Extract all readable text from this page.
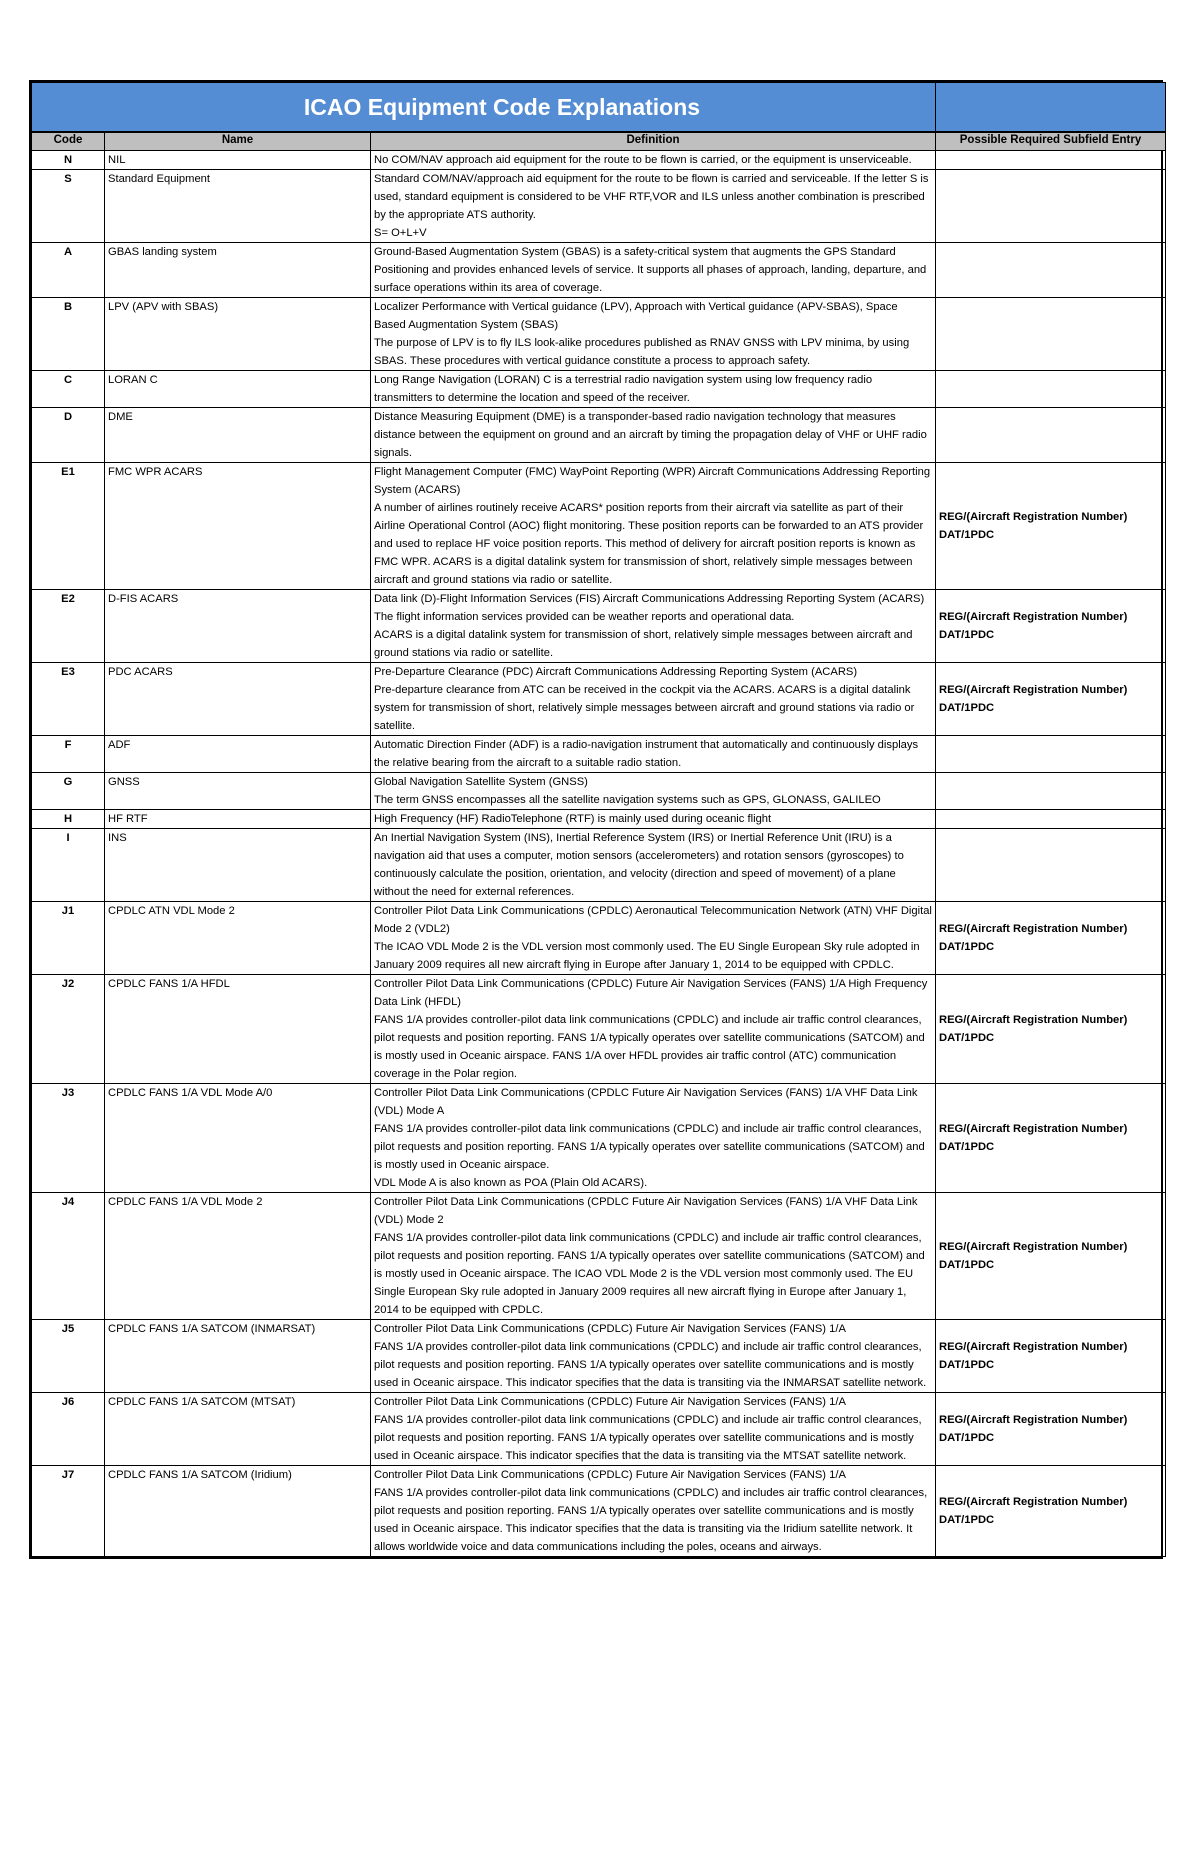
ICAO Equipment Code Explanations			
Code	Name	Definition	Possible Required Subfield Entry
N	NIL	No COM/NAV approach aid equipment for the route to be flown is carried, or the equipment is unserviceable.	

S	Standard Equipment	Standard COM/NAV/approach aid equipment for the route to be flown is carried and serviceable. If the letter S is used, standard equipment is considered to be VHF RTF,VOR and ILS unless another combination is prescribed by the appropriate ATS authority.
S= O+L+V	

A	GBAS landing system	Ground-Based Augmentation System (GBAS) is a safety-critical system that augments the GPS Standard Positioning and provides enhanced levels of service. It supports all phases of approach, landing, departure, and surface operations within its area of coverage.	

B	LPV (APV with SBAS)	Localizer Performance with Vertical guidance (LPV), Approach with Vertical guidance (APV-SBAS), Space Based Augmentation System (SBAS)
The purpose of LPV is to fly ILS look-alike procedures published as RNAV GNSS with LPV minima, by using SBAS. These procedures with vertical guidance constitute a process to approach safety.	

C	LORAN C	Long Range Navigation (LORAN) C is a terrestrial radio navigation system using low frequency radio transmitters to determine the location and speed of the receiver.	

D	DME	Distance Measuring Equipment (DME) is a transponder-based radio navigation technology that measures distance between the equipment on ground and an aircraft by timing the propagation delay of VHF or UHF radio signals.	

E1	FMC WPR ACARS	Flight Management Computer (FMC) WayPoint Reporting (WPR) Aircraft Communications Addressing Reporting System (ACARS)
A number of airlines routinely receive ACARS* position reports from their aircraft via satellite as part of their Airline Operational Control (AOC) flight monitoring. These position reports can be forwarded to an ATS provider and used to replace HF voice position reports. This method of delivery for aircraft position reports is known as FMC WPR. ACARS is a digital datalink system for transmission of short, relatively simple messages between aircraft and ground stations via radio or satellite.	REG/(Aircraft Registration Number)
DAT/1PDC

E2	D-FIS ACARS	Data link (D)-Flight Information Services (FIS) Aircraft Communications Addressing Reporting System (ACARS)
The flight information services provided can be weather reports and operational data.
ACARS is a digital datalink system for transmission of short, relatively simple messages between aircraft and ground stations via radio or satellite.	REG/(Aircraft Registration Number)
DAT/1PDC

E3	PDC ACARS	Pre-Departure Clearance (PDC) Aircraft Communications Addressing Reporting System (ACARS)
Pre-departure clearance from ATC can be received in the cockpit via the ACARS. ACARS is a digital datalink system for transmission of short, relatively simple messages between aircraft and ground stations via radio or satellite.	REG/(Aircraft Registration Number)
DAT/1PDC

F	ADF	Automatic Direction Finder (ADF) is a radio-navigation instrument that automatically and continuously displays the relative bearing from the aircraft to a suitable radio station.	

G	GNSS	Global Navigation Satellite System (GNSS)
The term GNSS encompasses all the satellite navigation systems such as GPS, GLONASS, GALILEO	

H	HF RTF	High Frequency (HF) RadioTelephone (RTF) is mainly used during oceanic flight	

I	INS	An Inertial Navigation System (INS), Inertial Reference System (IRS) or Inertial Reference Unit (IRU) is a navigation aid that uses a computer, motion sensors (accelerometers) and rotation sensors (gyroscopes) to continuously calculate the position, orientation, and velocity (direction and speed of movement) of a plane without the need for external references.	

J1	CPDLC ATN VDL Mode 2	Controller Pilot Data Link Communications (CPDLC) Aeronautical Telecommunication Network (ATN) VHF Digital Mode 2 (VDL2)
The ICAO VDL Mode 2 is the VDL version most commonly used. The EU Single European Sky rule adopted in January 2009 requires all new aircraft flying in Europe after January 1, 2014 to be equipped with CPDLC.	REG/(Aircraft Registration Number)
DAT/1PDC

J2	CPDLC FANS 1/A HFDL	Controller Pilot Data Link Communications (CPDLC) Future Air Navigation Services (FANS) 1/A High Frequency Data Link (HFDL)
FANS 1/A provides controller-pilot data link communications (CPDLC) and include air traffic control clearances, pilot requests and position reporting. FANS 1/A typically operates over satellite communications (SATCOM) and is mostly used in Oceanic airspace. FANS 1/A over HFDL provides air traffic control (ATC) communication coverage in the Polar region.	REG/(Aircraft Registration Number)
DAT/1PDC

J3	CPDLC FANS 1/A VDL Mode A/0	Controller Pilot Data Link Communications (CPDLC Future Air Navigation Services (FANS) 1/A VHF Data Link (VDL) Mode A
FANS 1/A provides controller-pilot data link communications (CPDLC) and include air traffic control clearances, pilot requests and position reporting. FANS 1/A typically operates over satellite communications (SATCOM) and is mostly used in Oceanic airspace.
VDL Mode A is also known as POA (Plain Old ACARS).	REG/(Aircraft Registration Number)
DAT/1PDC

J4	CPDLC FANS 1/A VDL Mode 2	Controller Pilot Data Link Communications (CPDLC Future Air Navigation Services (FANS) 1/A VHF Data Link (VDL) Mode 2
FANS 1/A provides controller-pilot data link communications (CPDLC) and include air traffic control clearances, pilot requests and position reporting. FANS 1/A typically operates over satellite communications (SATCOM) and is mostly used in Oceanic airspace. The ICAO VDL Mode 2 is the VDL version most commonly used. The EU Single European Sky rule adopted in January 2009 requires all new aircraft flying in Europe after January 1, 2014 to be equipped with CPDLC.	REG/(Aircraft Registration Number)
DAT/1PDC

J5	CPDLC FANS 1/A SATCOM (INMARSAT)	Controller Pilot Data Link Communications (CPDLC) Future Air Navigation Services (FANS) 1/A
FANS 1/A provides controller-pilot data link communications (CPDLC) and include air traffic control clearances, pilot requests and position reporting. FANS 1/A typically operates over satellite communications and is mostly used in Oceanic airspace. This indicator specifies that the data is transiting via the INMARSAT satellite network.	REG/(Aircraft Registration Number)
DAT/1PDC

J6	CPDLC FANS 1/A SATCOM (MTSAT)	Controller Pilot Data Link Communications (CPDLC) Future Air Navigation Services (FANS) 1/A
FANS 1/A provides controller-pilot data link communications (CPDLC) and include air traffic control clearances, pilot requests and position reporting. FANS 1/A typically operates over satellite communications and is mostly used in Oceanic airspace. This indicator specifies that the data is transiting via the MTSAT satellite network.	REG/(Aircraft Registration Number)
DAT/1PDC

J7	CPDLC FANS 1/A SATCOM (Iridium)	Controller Pilot Data Link Communications (CPDLC) Future Air Navigation Services (FANS) 1/A
FANS 1/A provides controller-pilot data link communications (CPDLC) and includes air traffic control clearances, pilot requests and position reporting. FANS 1/A typically operates over satellite communications and is mostly used in Oceanic airspace. This indicator specifies that the data is transiting via the Iridium satellite network. It allows worldwide voice and data communications including the poles, oceans and airways.	REG/(Aircraft Registration Number)
DAT/1PDC
